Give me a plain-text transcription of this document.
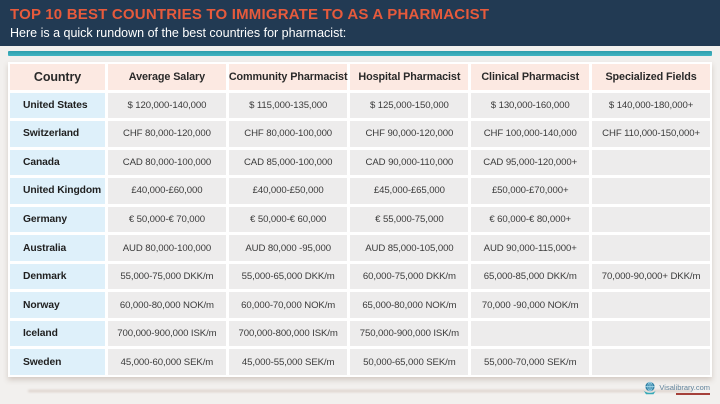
TOP 10 BEST COUNTRIES TO IMMIGRATE TO AS A PHARMACIST
Here is a quick rundown of the best countries for pharmacist:
Country	Average Salary	Community Pharmacist	Hospital Pharmacist	Clinical Pharmacist	Specialized Fields
United States	$ 120,000-140,000	$ 115,000-135,000	$ 125,000-150,000	$ 130,000-160,000	$ 140,000-180,000+
Switzerland	CHF 80,000-120,000	CHF 80,000-100,000	CHF 90,000-120,000	CHF 100,000-140,000	CHF 110,000-150,000+
Canada	CAD 80,000-100,000	CAD 85,000-100,000	CAD 90,000-110,000	CAD 95,000-120,000+
United Kingdom	£40,000-£60,000	£40,000-£50,000	£45,000-£65,000	£50,000-£70,000+
Germany	€ 50,000-€ 70,000	€ 50,000-€ 60,000	€ 55,000-75,000	€ 60,000-€ 80,000+
Australia	AUD 80,000-100,000	AUD 80,000 -95,000	AUD 85,000-105,000	AUD 90,000-115,000+
Denmark	55,000-75,000 DKK/m	55,000-65,000 DKK/m	60,000-75,000 DKK/m	65,000-85,000 DKK/m	70,000-90,000+ DKK/m
Norway	60,000-80,000 NOK/m	60,000-70,000 NOK/m	65,000-80,000 NOK/m	70,000 -90,000 NOK/m
Iceland	700,000-900,000 ISK/m	700,000-800,000 ISK/m	750,000-900,000 ISK/m
Sweden	45,000-60,000 SEK/m	45,000-55,000 SEK/m	50,000-65,000 SEK/m	55,000-70,000 SEK/m
Visalibrary.com
